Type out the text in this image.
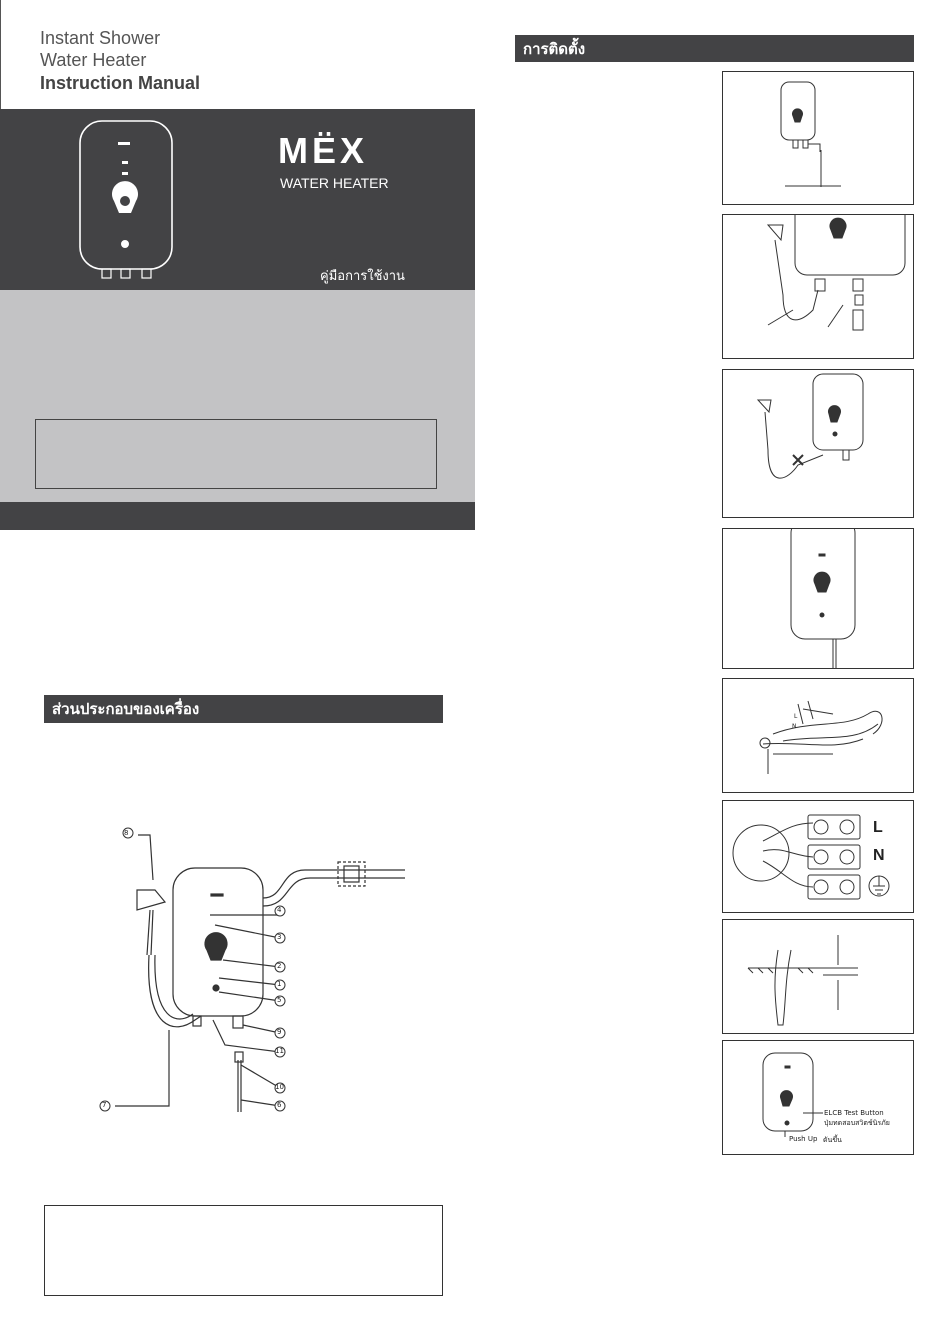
Instant Shower
Water Heater
Instruction Manual
MËX
WATER HEATER
คู่มือการใช้งาน
การติดตั้ง
ส่วนประกอบของเครื่อง
8
4
3
2
1
5
9
11
10
6
7
N
L
L
N
ELCB Test Button
ปุ่มทดสอบสวิตช์นิรภัย
Push Up ดันขึ้น
